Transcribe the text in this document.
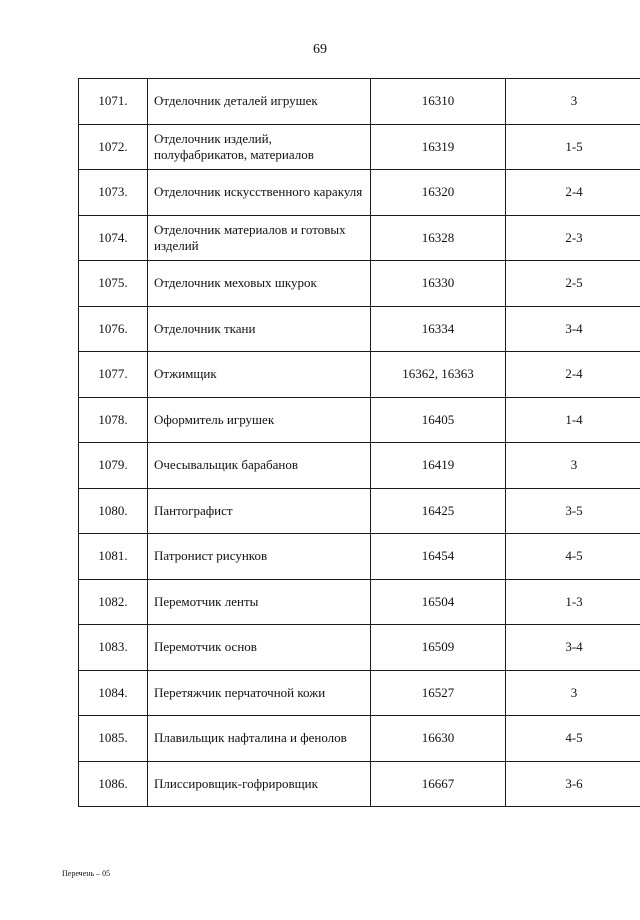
69
1071.	Отделочник деталей игрушек	16310	3
1072.	Отделочник изделий, полуфабрикатов, материалов	16319	1-5
1073.	Отделочник искусственного каракуля	16320	2-4
1074.	Отделочник материалов и готовых изделий	16328	2-3
1075.	Отделочник меховых шкурок	16330	2-5
1076.	Отделочник ткани	16334	3-4
1077.	Отжимщик	16362, 16363	2-4
1078.	Оформитель игрушек	16405	1-4
1079.	Очесывальщик барабанов	16419	3
1080.	Пантографист	16425	3-5
1081.	Патронист рисунков	16454	4-5
1082.	Перемотчик ленты	16504	1-3
1083.	Перемотчик основ	16509	3-4
1084.	Перетяжчик перчаточной кожи	16527	3
1085.	Плавильщик нафталина и фенолов	16630	4-5
1086.	Плиссировщик-гофрировщик	16667	3-6
Перечень – 05
